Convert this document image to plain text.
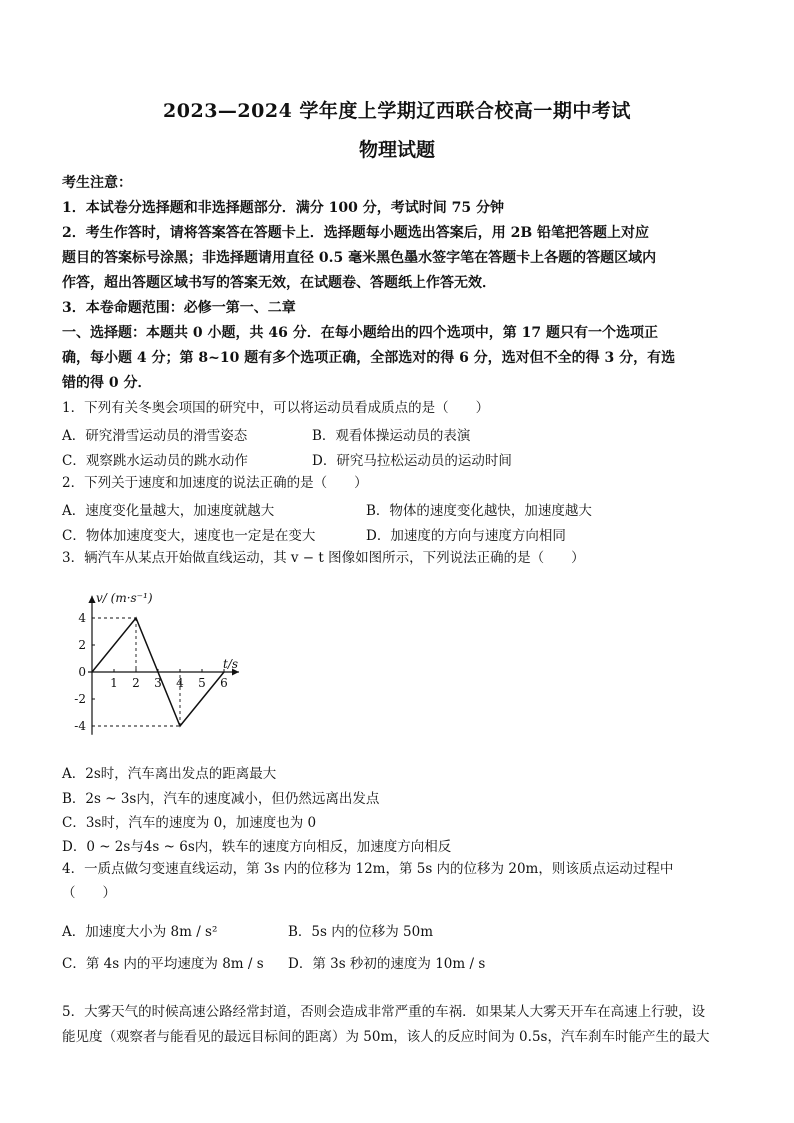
2023—2024 学年度上学期辽西联合校高一期中考试
物理试题
考生注意：
1．本试卷分选择题和非选择题部分．满分 100 分，考试时间 75 分钟
2．考生作答时，请将答案答在答题卡上．选择题每小题选出答案后，用 2B 铅笔把答题上对应
题目的答案标号涂黑；非选择题请用直径 0.5 毫米黑色墨水签字笔在答题卡上各题的答题区域内
作答，超出答题区域书写的答案无效，在试题卷、答题纸上作答无效．
3．本卷命题范围：必修一第一、二章
一、选择题：本题共 0 小题，共 46 分．在每小题给出的四个选项中，第 17 题只有一个选项正
确，每小题 4 分；第 8~10 题有多个选项正确，全部选对的得 6 分，选对但不全的得 3 分，有选
错的得 0 分．
1．下列有关冬奥会项国的研究中，可以将运动员看成质点的是（　　）
A．研究滑雪运动员的滑雪姿态	B．观看体操运动员的表演
C．观察跳水运动员的跳水动作	D．研究马拉松运动员的运动时间
2．下列关于速度和加速度的说法正确的是（　　）
A．速度变化量越大，加速度就越大	B．物体的速度变化越快，加速度越大
C．物体加速度变大，速度也一定是在变大	D．加速度的方向与速度方向相同
3．辆汽车从某点开始做直线运动，其 v − t 图像如图所示，下列说法正确的是（　　）
v/ (m·s⁻¹)
t/s
4
2
0
-2
-4
1 2 3 4 5 6
A．2s时，汽车离出发点的距离最大
B．2s ~ 3s内，汽车的速度减小，但仍然远离出发点
C．3s时，汽车的速度为 0，加速度也为 0
D．0 ~ 2s与4s ~ 6s内，轶车的速度方向相反，加速度方向相反
4．一质点做匀变速直线运动，第 3s 内的位移为 12m，第 5s 内的位移为 20m，则该质点运动过程中
（　　）
A．加速度大小为 8m / s²	B．5s 内的位移为 50m
C．第 4s 内的平均速度为 8m / s D．第 3s 秒初的速度为 10m / s
5．大雾天气的时候高速公路经常封道，否则会造成非常严重的车祸．如果某人大雾天开车在高速上行驶，设
能见度（观察者与能看见的最远目标间的距离）为 50m，该人的反应时间为 0.5s，汽车刹车时能产生的最大
